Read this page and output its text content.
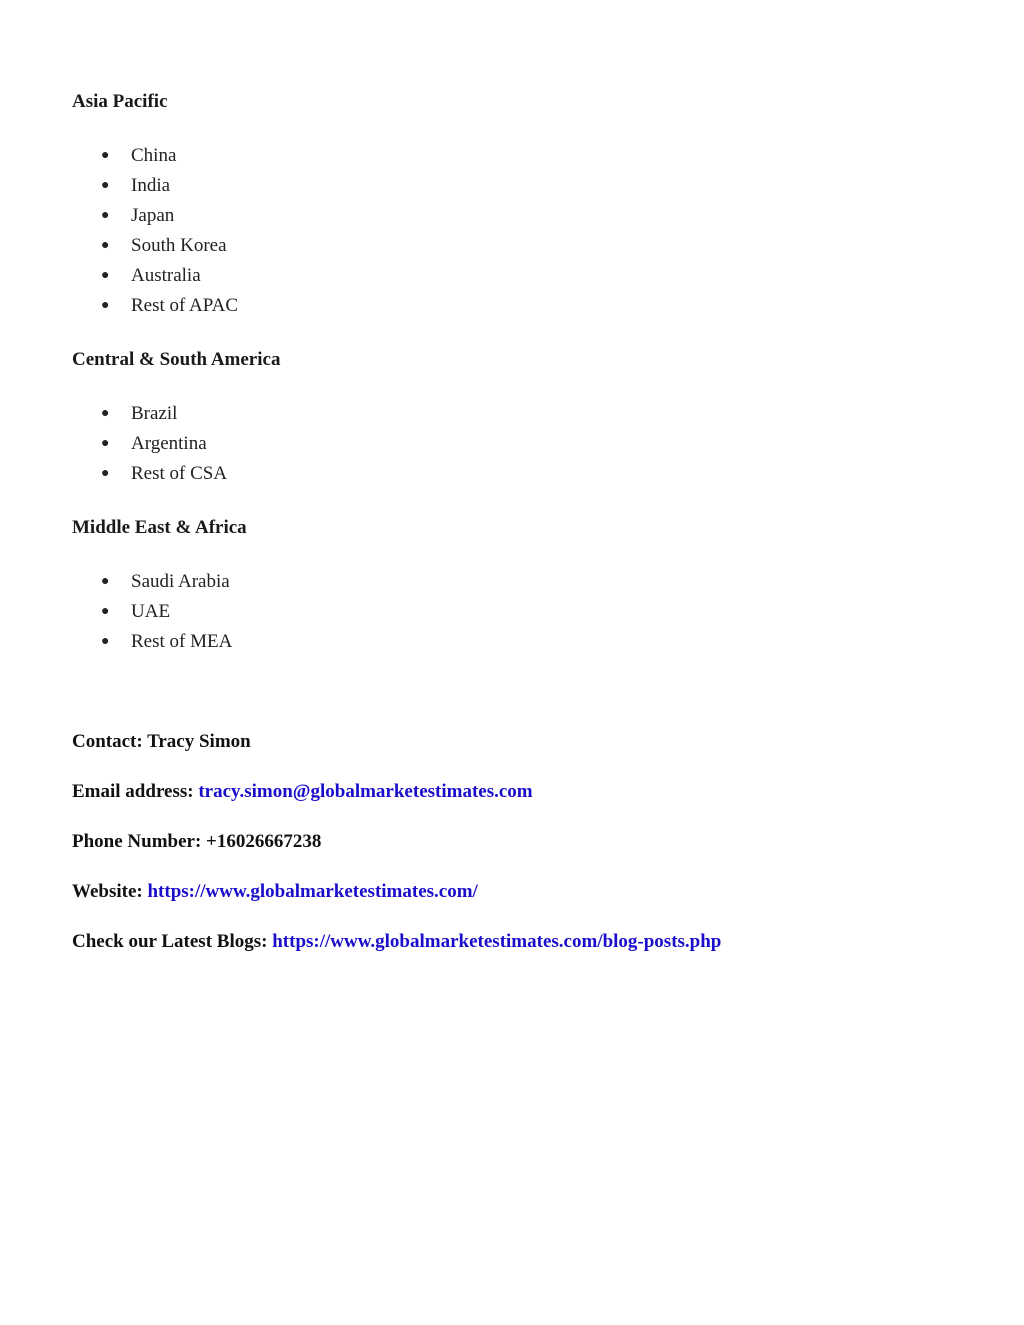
Asia Pacific

● China
● India
● Japan
● South Korea
● Australia
● Rest of APAC

Central & South America

● Brazil
● Argentina
● Rest of CSA

Middle East & Africa

● Saudi Arabia
● UAE
● Rest of MEA

Contact: Tracy Simon

Email address: tracy.simon@globalmarketestimates.com

Phone Number: +16026667238

Website: https://www.globalmarketestimates.com/

Check our Latest Blogs: https://www.globalmarketestimates.com/blog-posts.php
